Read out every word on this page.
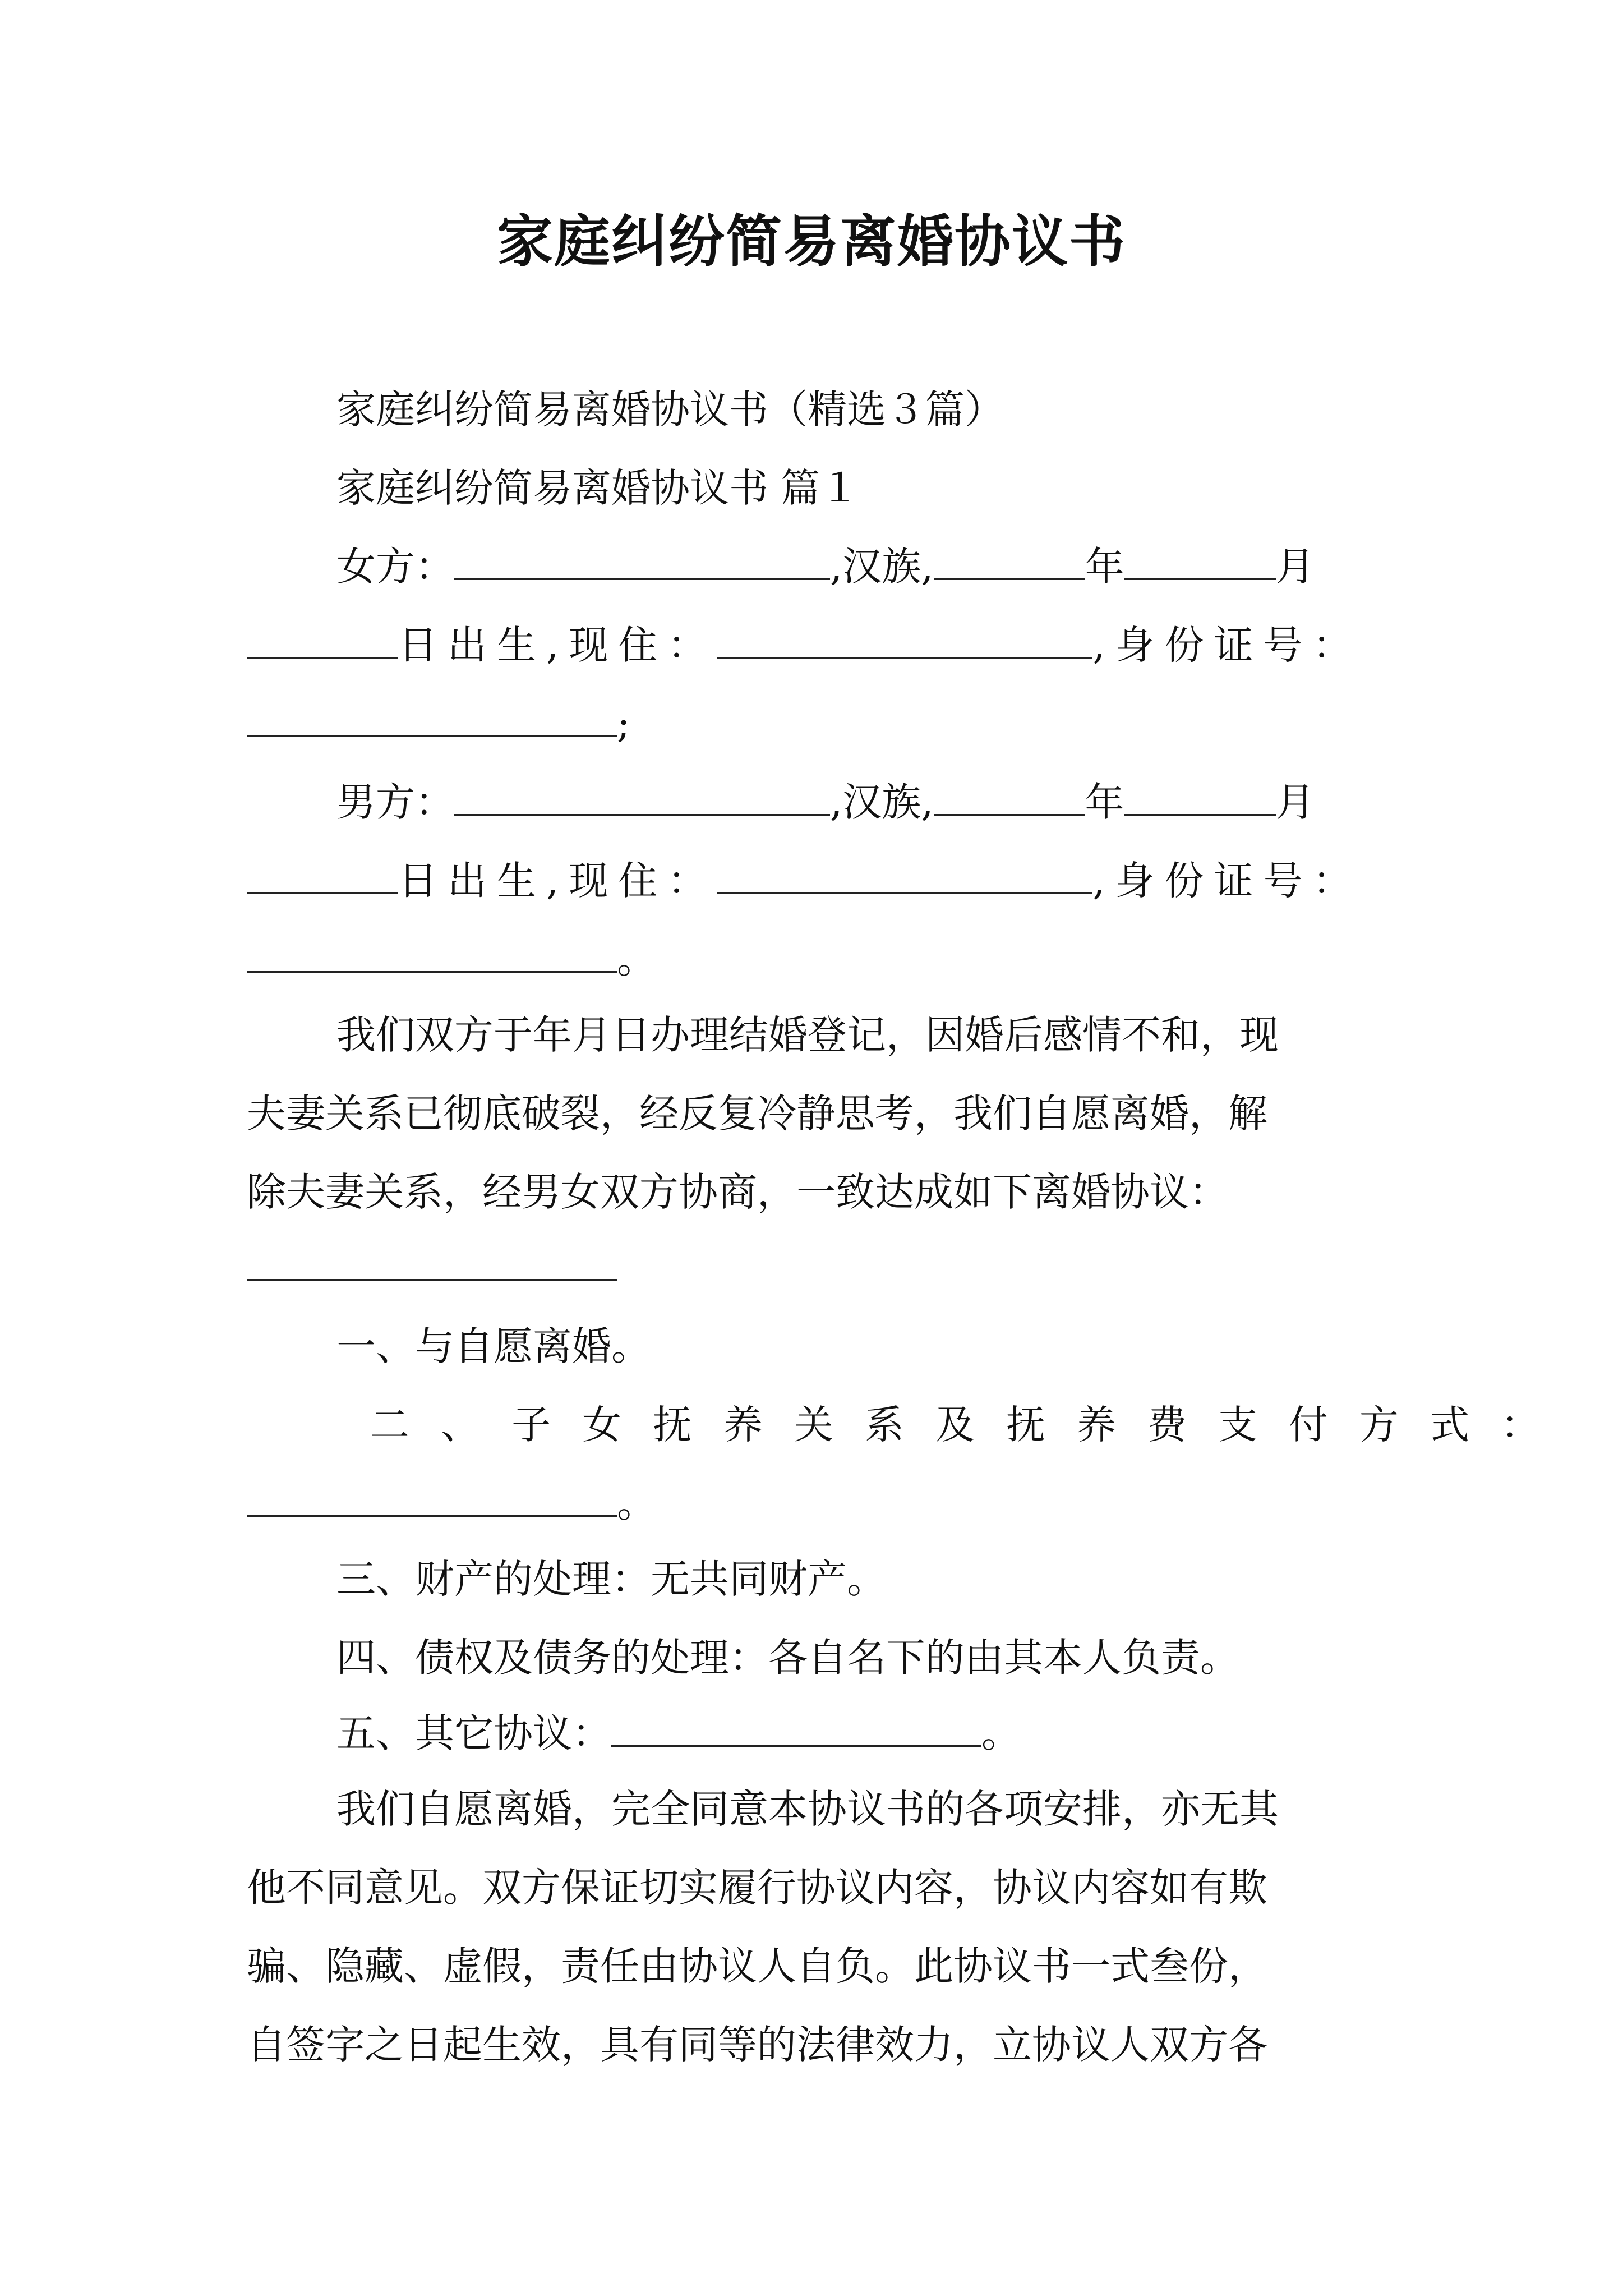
家庭纠纷简易离婚协议书
家庭纠纷简易离婚协议书（精选３篇）
家庭纠纷简易离婚协议书 篇１
女方：	,汉族,	年	月
日出生,现住：	,身份证号：
;
男方：	,汉族,	年	月
日出生,现住：	,身份证号：
。
我们双方于年月日办理结婚登记，因婚后感情不和，现
夫妻关系已彻底破裂，经反复冷静思考，我们自愿离婚，解
除夫妻关系，经男女双方协商，一致达成如下离婚协议：
一、与自愿离婚。
二、子女抚养关系及抚养费支付方式：
。
三、财产的处理：无共同财产。
四、债权及债务的处理：各自名下的由其本人负责。
五、其它协议：	。
我们自愿离婚，完全同意本协议书的各项安排，亦无其
他不同意见。双方保证切实履行协议内容，协议内容如有欺
骗、隐藏、虚假，责任由协议人自负。此协议书一式叁份，
自签字之日起生效，具有同等的法律效力，立协议人双方各
